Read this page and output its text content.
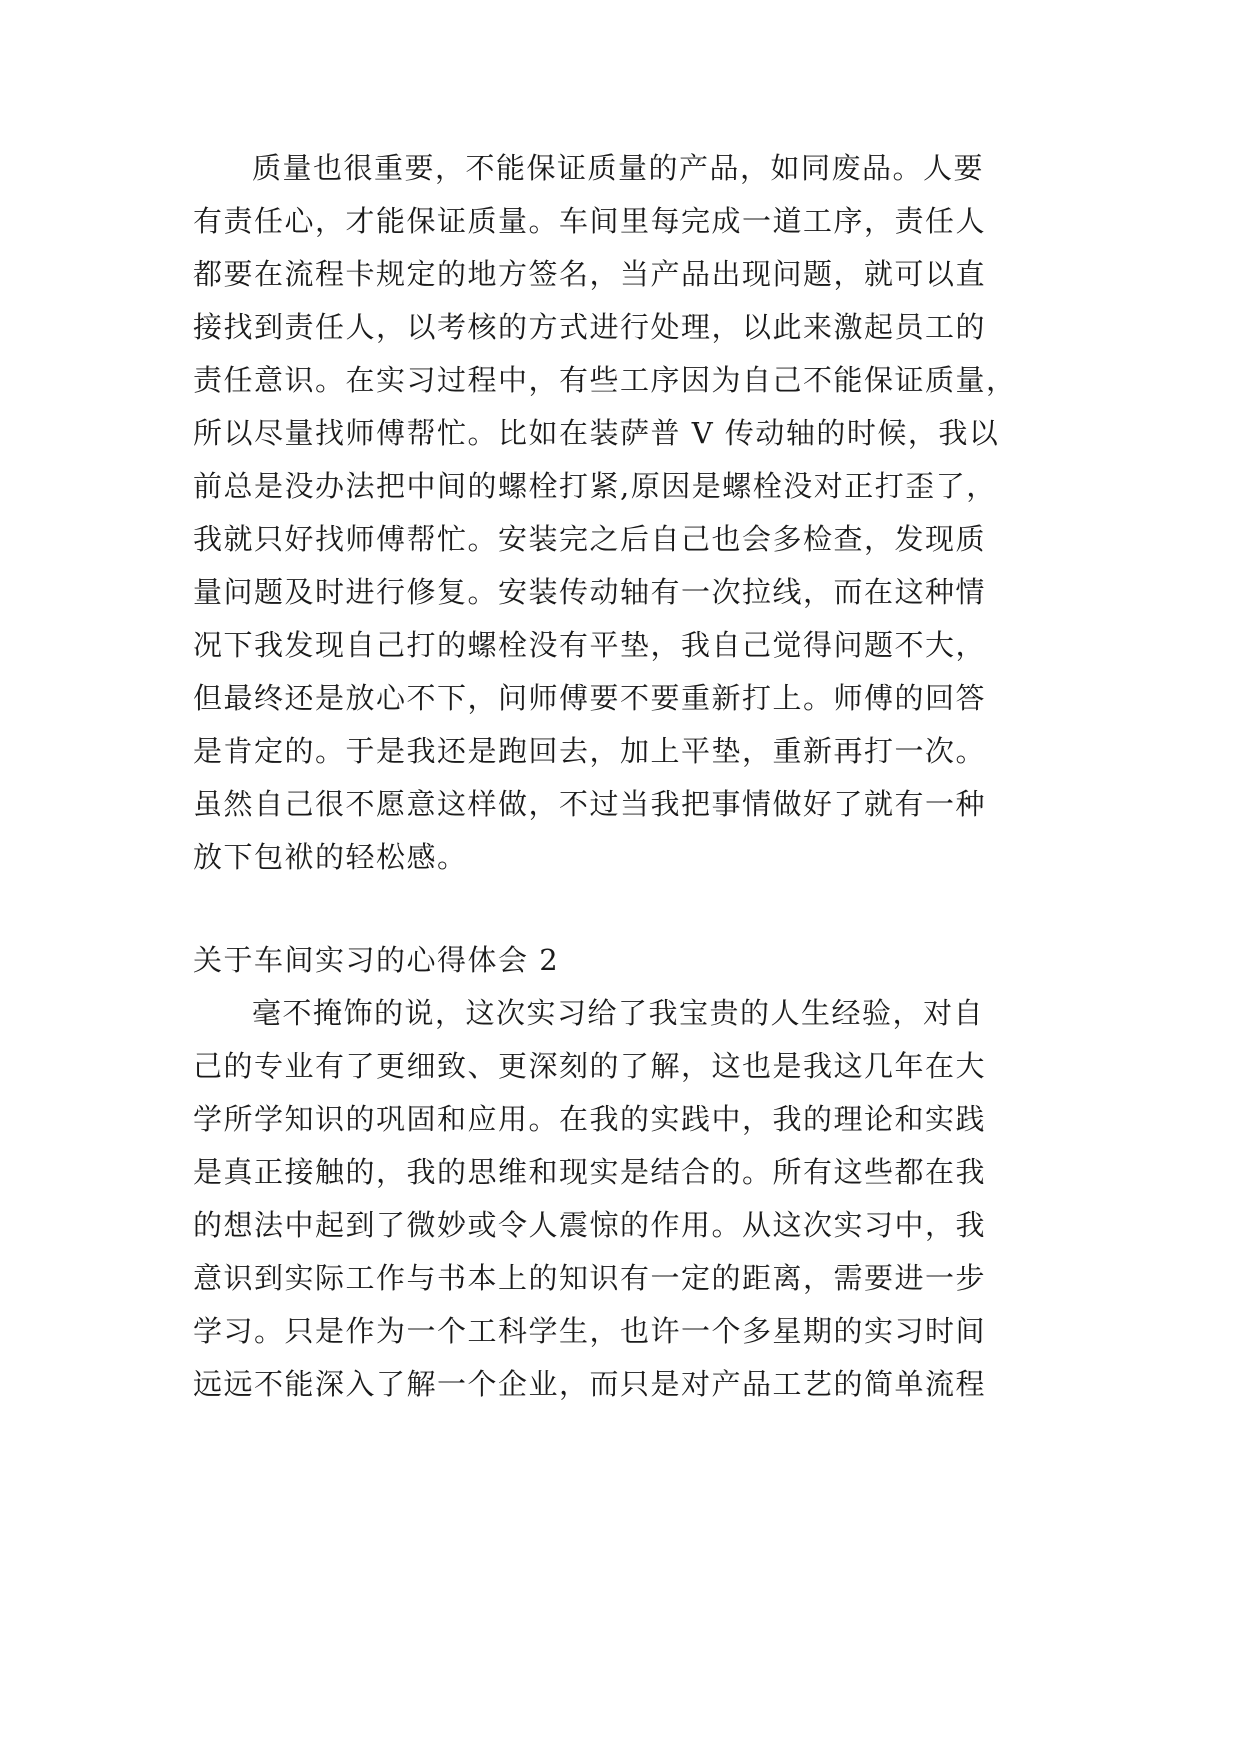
质量也很重要，不能保证质量的产品，如同废品。人要
有责任心，才能保证质量。车间里每完成一道工序，责任人
都要在流程卡规定的地方签名，当产品出现问题，就可以直
接找到责任人，以考核的方式进行处理，以此来激起员工的
责任意识。在实习过程中，有些工序因为自己不能保证质量，
所以尽量找师傅帮忙。比如在装萨普 V 传动轴的时候，我以
前总是没办法把中间的螺栓打紧,原因是螺栓没对正打歪了，
我就只好找师傅帮忙。安装完之后自己也会多检查，发现质
量问题及时进行修复。安装传动轴有一次拉线，而在这种情
况下我发现自己打的螺栓没有平垫，我自己觉得问题不大，
但最终还是放心不下，问师傅要不要重新打上。师傅的回答
是肯定的。于是我还是跑回去，加上平垫，重新再打一次。
虽然自己很不愿意这样做，不过当我把事情做好了就有一种
放下包袱的轻松感。
关于车间实习的心得体会 2
毫不掩饰的说，这次实习给了我宝贵的人生经验，对自
己的专业有了更细致、更深刻的了解，这也是我这几年在大
学所学知识的巩固和应用。在我的实践中，我的理论和实践
是真正接触的，我的思维和现实是结合的。所有这些都在我
的想法中起到了微妙或令人震惊的作用。从这次实习中，我
意识到实际工作与书本上的知识有一定的距离，需要进一步
学习。只是作为一个工科学生，也许一个多星期的实习时间
远远不能深入了解一个企业，而只是对产品工艺的简单流程
